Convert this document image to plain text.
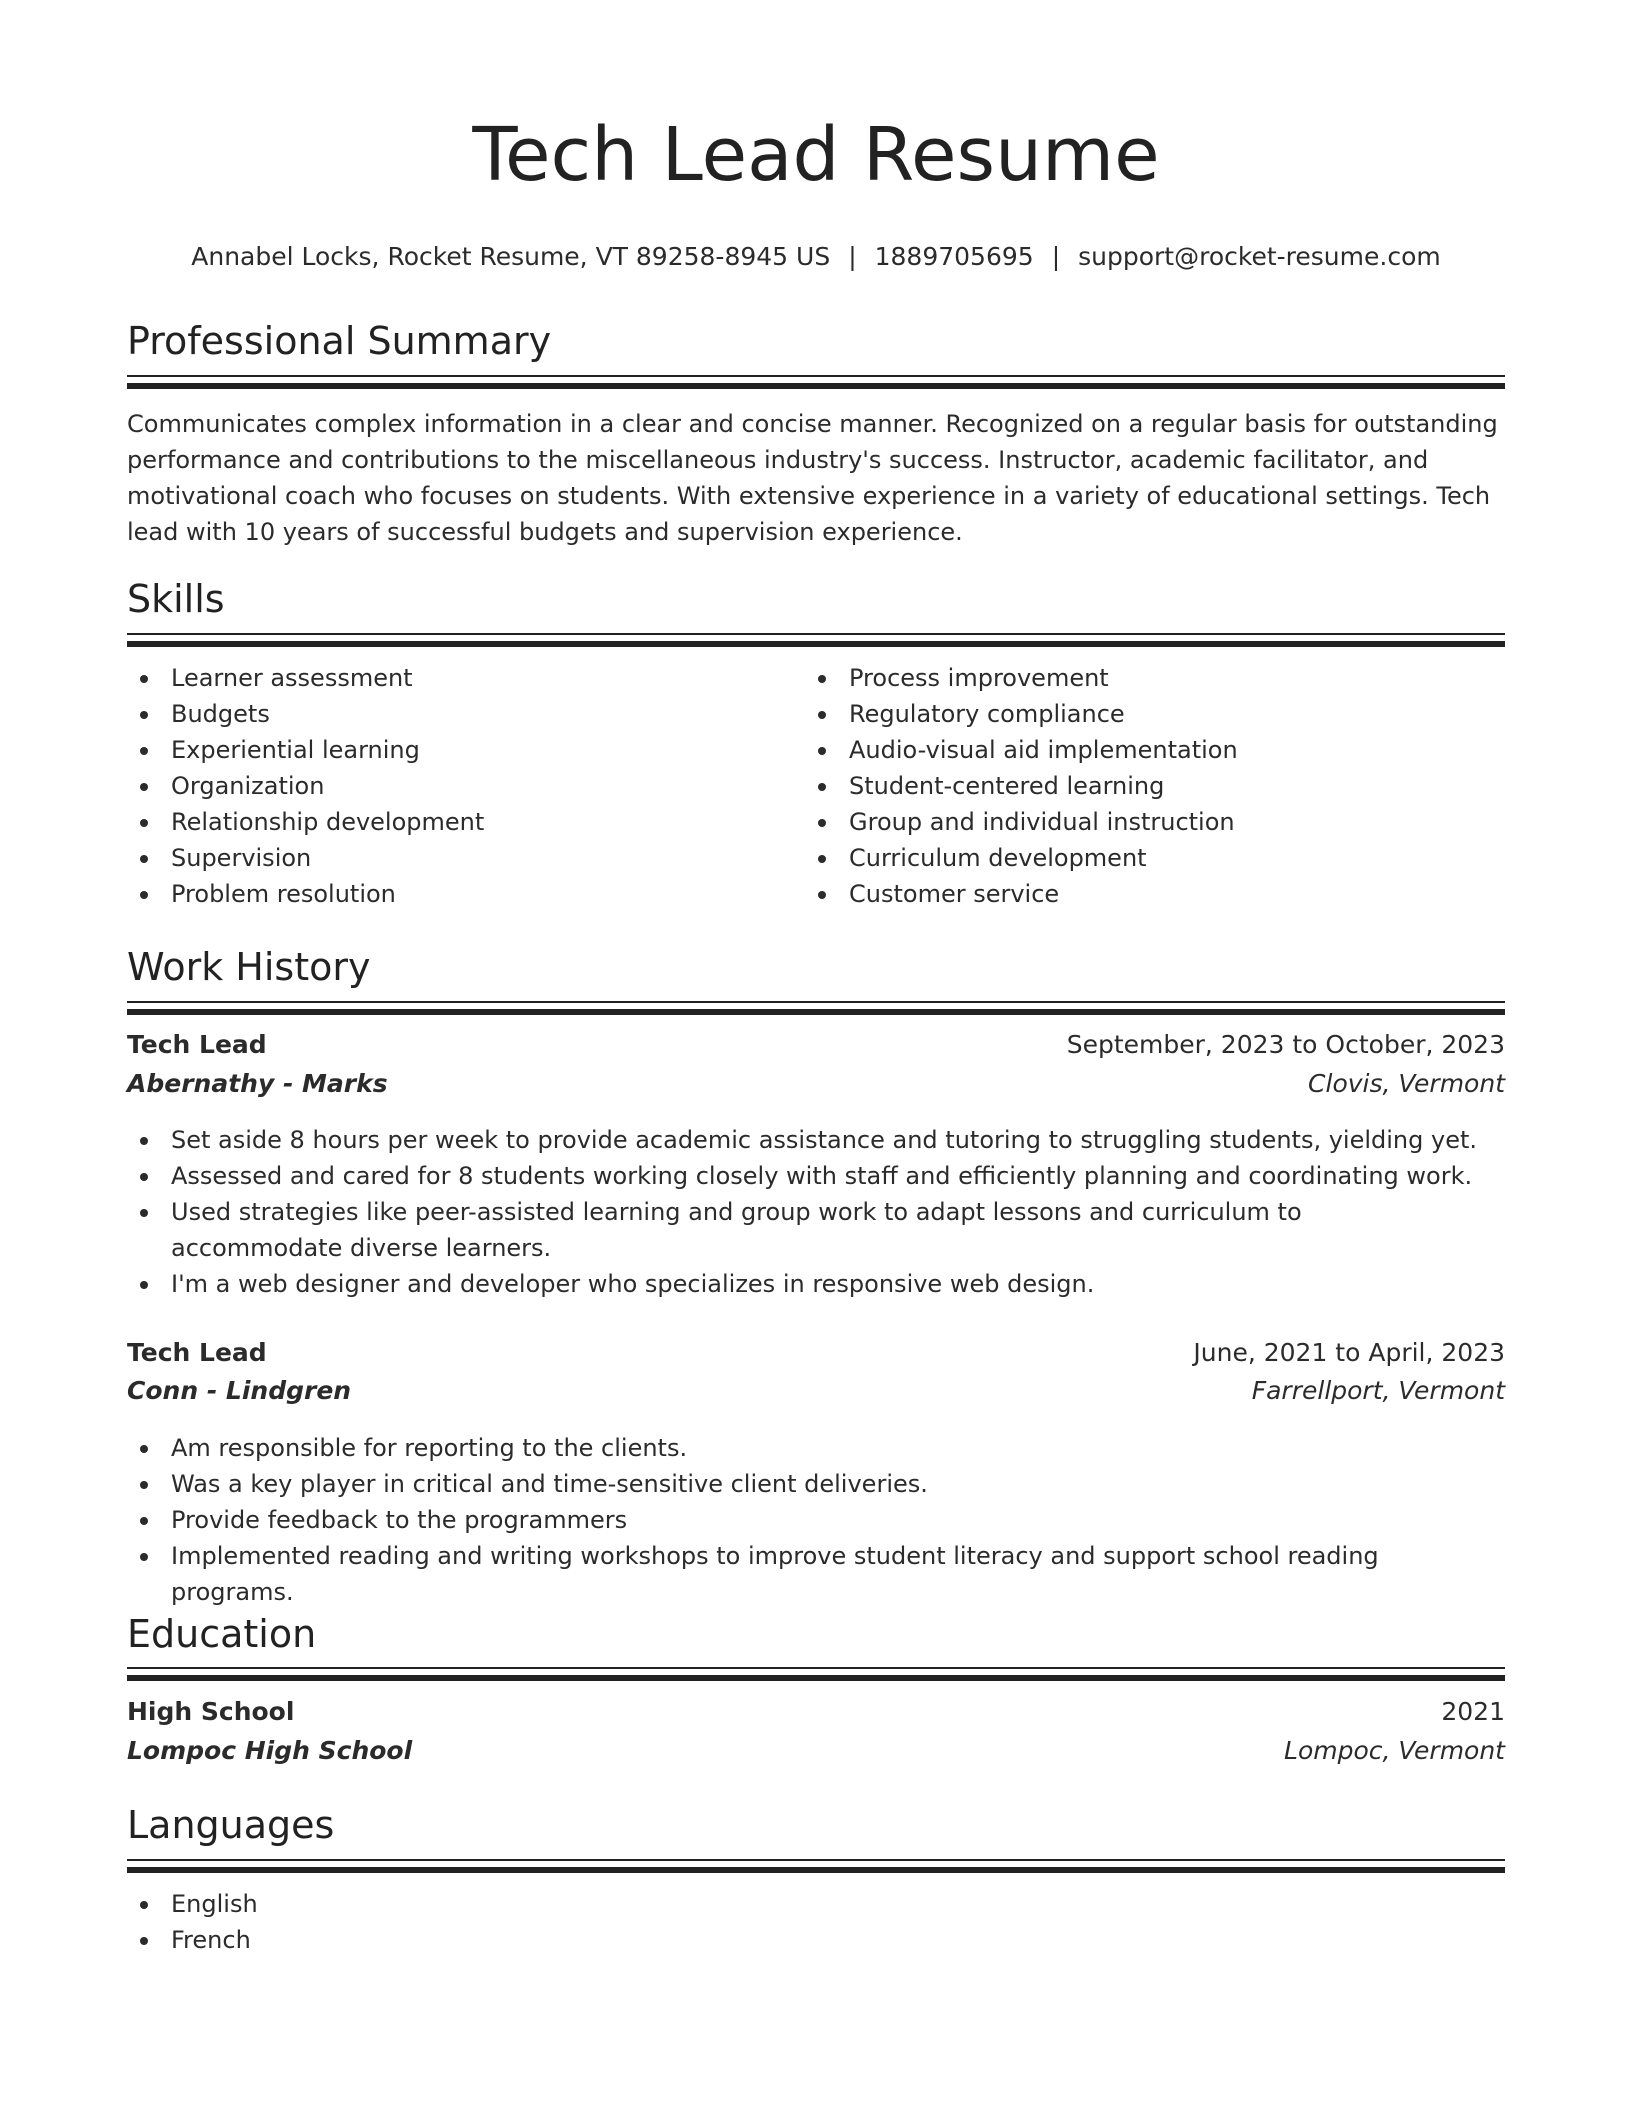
Tech Lead Resume
Annabel Locks, Rocket Resume, VT 89258-8945 US | 1889705695 | support@rocket-resume.com
Professional Summary

Communicates complex information in a clear and concise manner. Recognized on a regular basis for outstanding performance and contributions to the miscellaneous industry's success. Instructor, academic facilitator, and motivational coach who focuses on students. With extensive experience in a variety of educational settings. Tech lead with 10 years of successful budgets and supervision experience.

Skills
Learner assessment
Budgets
Experiential learning
Organization
Relationship development
Supervision
Problem resolution
Process improvement
Regulatory compliance
Audio-visual aid implementation
Student-centered learning
Group and individual instruction
Curriculum development
Customer service
Work History
Tech Lead	September, 2023 to October, 2023
Abernathy - Marks	Clovis, Vermont
Set aside 8 hours per week to provide academic assistance and tutoring to struggling students, yielding yet.
Assessed and cared for 8 students working closely with staff and efficiently planning and coordinating work.
Used strategies like peer-assisted learning and group work to adapt lessons and curriculum to accommodate diverse learners.
I'm a web designer and developer who specializes in responsive web design.
Tech Lead	June, 2021 to April, 2023
Conn - Lindgren	Farrellport, Vermont
Am responsible for reporting to the clients.
Was a key player in critical and time-sensitive client deliveries.
Provide feedback to the programmers
Implemented reading and writing workshops to improve student literacy and support school reading programs.
Education
High School	2021
Lompoc High School	Lompoc, Vermont
Languages
English
French
